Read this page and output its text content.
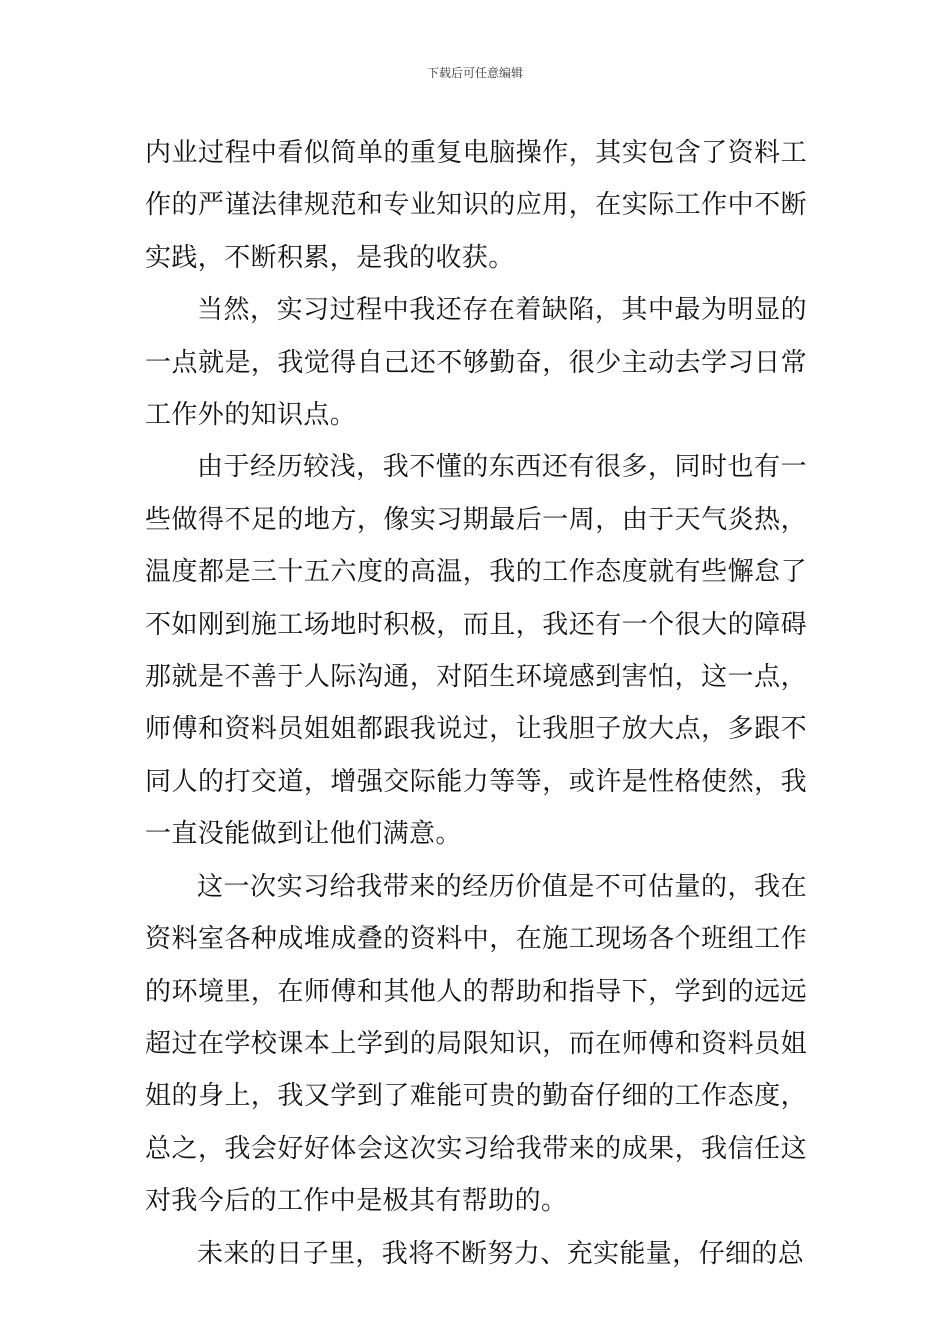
下载后可任意编辑

内业过程中看似简单的重复电脑操作，其实包含了资料工作的严谨法律规范和专业知识的应用，在实际工作中不断实践，不断积累，是我的收获。

当然，实习过程中我还存在着缺陷，其中最为明显的一点就是，我觉得自己还不够勤奋，很少主动去学习日常工作外的知识点。

由于经历较浅，我不懂的东西还有很多，同时也有一些做得不足的地方，像实习期最后一周，由于天气炎热，温度都是三十五六度的高温，我的工作态度就有些懈怠了不如刚到施工场地时积极，而且，我还有一个很大的障碍那就是不善于人际沟通，对陌生环境感到害怕，这一点，师傅和资料员姐姐都跟我说过，让我胆子放大点，多跟不同人的打交道，增强交际能力等等，或许是性格使然，我一直没能做到让他们满意。

这一次实习给我带来的经历价值是不可估量的，我在资料室各种成堆成叠的资料中，在施工现场各个班组工作的环境里，在师傅和其他人的帮助和指导下，学到的远远超过在学校课本上学到的局限知识，而在师傅和资料员姐姐的身上，我又学到了难能可贵的勤奋仔细的工作态度，总之，我会好好体会这次实习给我带来的成果，我信任这对我今后的工作中是极其有帮助的。

未来的日子里，我将不断努力、充实能量，仔细的总
